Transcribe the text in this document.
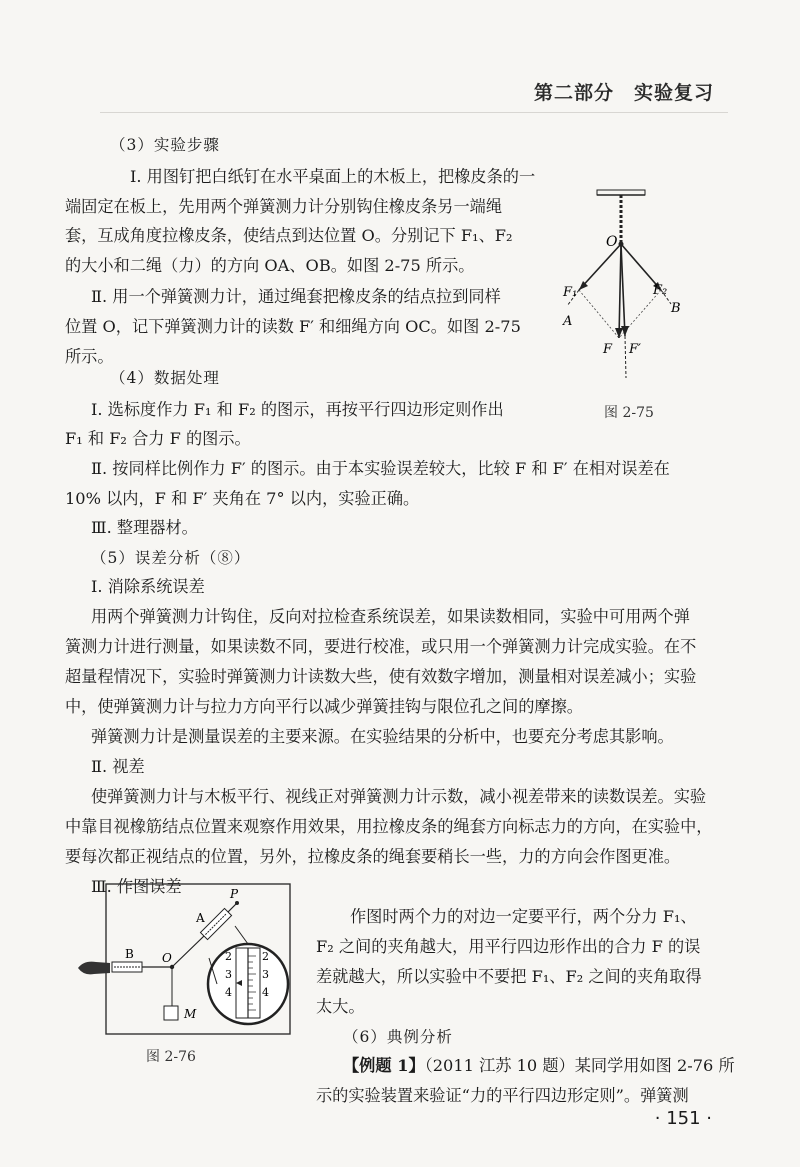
第二部分　实验复习
（3）实验步骤
Ⅰ. 用图钉把白纸钉在水平桌面上的木板上，把橡皮条的一
端固定在板上，先用两个弹簧测力计分别钩住橡皮条另一端绳
套，互成角度拉橡皮条，使结点到达位置 O。分别记下 F₁、F₂
的大小和二绳（力）的方向 OA、OB。如图 2-75 所示。
Ⅱ. 用一个弹簧测力计，通过绳套把橡皮条的结点拉到同样
位置 O，记下弹簧测力计的读数 F′ 和细绳方向 OC。如图 2-75
所示。
O
F₁	F₂
A
B
F F′
图 2-75
（4）数据处理
Ⅰ. 选标度作力 F₁ 和 F₂ 的图示，再按平行四边形定则作出
F₁ 和 F₂ 合力 F 的图示。
Ⅱ. 按同样比例作力 F′ 的图示。由于本实验误差较大，比较 F 和 F′ 在相对误差在
10% 以内，F 和 F′ 夹角在 7° 以内，实验正确。
Ⅲ. 整理器材。
（5）误差分析（⑧）
Ⅰ. 消除系统误差
用两个弹簧测力计钩住，反向对拉检查系统误差，如果读数相同，实验中可用两个弹
簧测力计进行测量，如果读数不同，要进行校准，或只用一个弹簧测力计完成实验。在不
超量程情况下，实验时弹簧测力计读数大些，使有效数字增加，测量相对误差减小；实验
中，使弹簧测力计与拉力方向平行以减少弹簧挂钩与限位孔之间的摩擦。
弹簧测力计是测量误差的主要来源。在实验结果的分析中，也要充分考虑其影响。
Ⅱ. 视差
使弹簧测力计与木板平行、视线正对弹簧测力计示数，减小视差带来的读数误差。实验
中靠目视橡筋结点位置来观察作用效果，用拉橡皮条的绳套方向标志力的方向，在实验中，
要每次都正视结点的位置，另外，拉橡皮条的绳套要稍长一些，力的方向会作图更准。
Ⅲ. 作图误差
作图时两个力的对边一定要平行，两个分力 F₁、
F₂ 之间的夹角越大，用平行四边形作出的合力 F 的误
差就越大，所以实验中不要把 F₁、F₂ 之间的夹角取得
太大。
2
3
4
2
3
4
A
P
B O
M
图 2-76
（6）典例分析
【例题 1】（2011 江苏 10 题）某同学用如图 2-76 所
示的实验装置来验证“力的平行四边形定则”。弹簧测
· 151 ·
